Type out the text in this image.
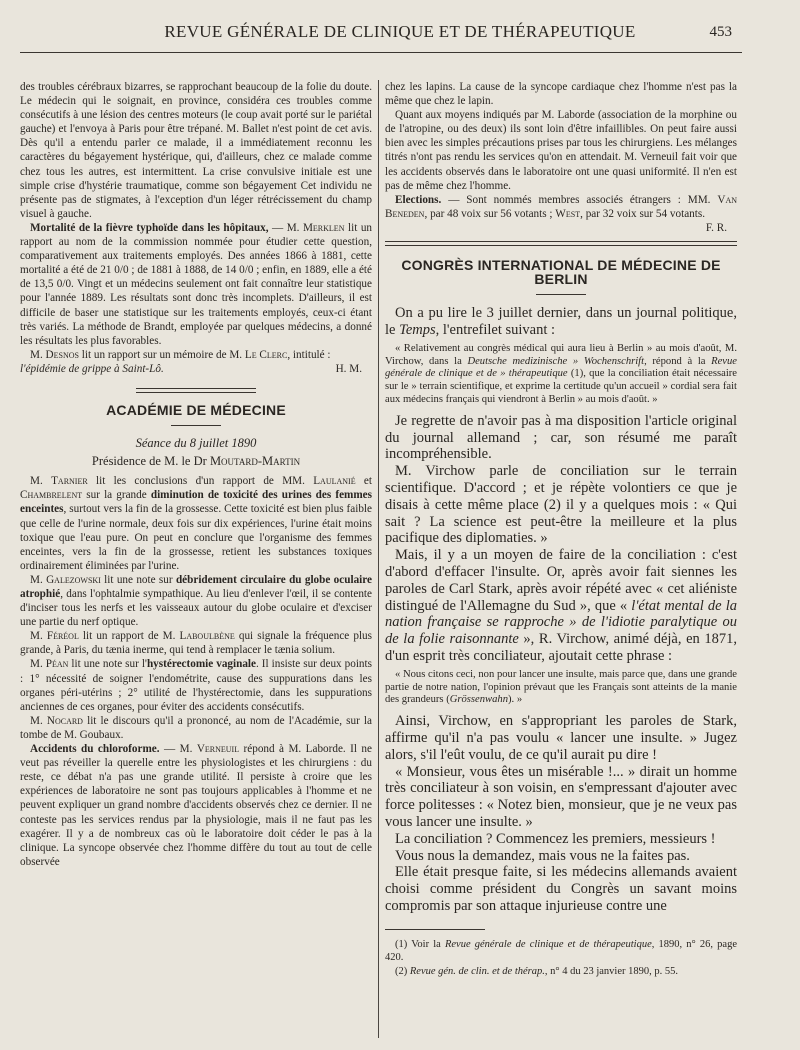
REVUE GÉNÉRALE DE CLINIQUE ET DE THÉRAPEUTIQUE	453

des troubles cérébraux bizarres, se rapprochant beaucoup de la folie du doute. Le médecin qui le soignait, en province, considéra ces troubles comme consécutifs à une lésion des centres moteurs (le coup avait porté sur le pariétal gauche) et l'envoya à Paris pour être trépané. M. Ballet n'est point de cet avis. Dès qu'il a entendu parler ce malade, il a immédiatement reconnu les caractères du bégayement hystérique, qui, d'ailleurs, chez ce malade comme chez tous les autres, est intermittent. La crise convulsive initiale est une simple crise d'hystérie traumatique, comme son bégayement Cet individu ne présente pas de stigmates, à l'exception d'un léger rétrécissement du champ visuel à gauche.

Mortalité de la fièvre typhoïde dans les hôpitaux, — M. Merklen lit un rapport au nom de la commission nommée pour étudier cette question, comparativement aux traitements employés. Des années 1866 à 1881, cette mortalité a été de 21 0/0 ; de 1881 à 1888, de 14 0/0 ; enfin, en 1889, elle a été de 13,5 0/0. Vingt et un médecins seulement ont fait connaître leur statistique pour l'année 1889. Les résultats sont donc très incomplets. D'ailleurs, il est difficile de baser une statistique sur les traitements employés, ceux-ci étant très variés. La méthode de Brandt, employée par quelques médecins, a donné les résultats les plus favorables.

M. Desnos lit un rapport sur un mémoire de M. Le Clerc, intitulé :

l'épidémie de grippe à Saint-Lô.	H. M.
ACADÉMIE DE MÉDECINE
Séance du 8 juillet 1890
Présidence de M. le Dr Moutard-Martin

M. Tarnier lit les conclusions d'un rapport de MM. Laulanié et Chambrelent sur la grande diminution de toxicité des urines des femmes enceintes, surtout vers la fin de la grossesse. Cette toxicité est bien plus faible que celle de l'urine normale, deux fois sur dix expériences, l'urine était moins toxique que l'eau pure. On peut en conclure que l'organisme des femmes enceintes, vers la fin de la grossesse, retient les substances toxiques ordinairement éliminées par l'urine.

M. Galezowski lit une note sur débridement circulaire du globe oculaire atrophié, dans l'ophtalmie sympathique. Au lieu d'enlever l'œil, il se contente d'inciser tous les nerfs et les vaisseaux autour du globe oculaire et d'exciser une partie du nerf optique.

M. Féréol lit un rapport de M. Laboulbène qui signale la fréquence plus grande, à Paris, du tænia inerme, qui tend à remplacer le tænia solium.

M. Péan lit une note sur l'hystérectomie vaginale. Il insiste sur deux points : 1° nécessité de soigner l'endométrite, cause des suppurations dans les organes péri-utérins ; 2° utilité de l'hystérectomie, dans les suppurations anciennes de ces organes, pour éviter des accidents consécutifs.

M. Nocard lit le discours qu'il a prononcé, au nom de l'Académie, sur la tombe de M. Goubaux.

Accidents du chloroforme. — M. Verneuil répond à M. Laborde. Il ne veut pas réveiller la querelle entre les physiologistes et les chirurgiens : du reste, ce débat n'a pas une grande utilité. Il persiste à croire que les expériences de laboratoire ne sont pas toujours applicables à l'homme et ne peuvent expliquer un grand nombre d'accidents observés chez ce dernier. Il ne conteste pas les services rendus par la physiologie, mais il ne faut pas les exagérer. Il y a de nombreux cas où le laboratoire doit céder le pas à la clinique. La syncope observée chez l'homme diffère du tout au tout de celle observée

chez les lapins. La cause de la syncope cardiaque chez l'homme n'est pas la même que chez le lapin.

Quant aux moyens indiqués par M. Laborde (association de la morphine ou de l'atropine, ou des deux) ils sont loin d'être infaillibles. On peut faire aussi bien avec les simples précautions prises par tous les chirurgiens. Les mélanges titrés n'ont pas rendu les services qu'on en attendait. M. Verneuil fait voir que les accidents observés dans le laboratoire ont une quasi uniformité. Il n'en est pas de même chez l'homme.

Elections. — Sont nommés membres associés étrangers : MM. Van Beneden, par 48 voix sur 56 votants ; West, par 32 voix sur 54 votants.

F. R.
CONGRÈS INTERNATIONAL DE MÉDECINE DE BERLIN

On a pu lire le 3 juillet dernier, dans un journal politique, le Temps, l'entrefilet suivant :

« Relativement au congrès médical qui aura lieu à Berlin » au mois d'août, M. Virchow, dans la Deutsche medizinische » Wochenschrift, répond à la Revue générale de clinique et de » thérapeutique (1), que la conciliation était nécessaire sur le » terrain scientifique, et exprime la certitude qu'un accueil » cordial sera fait aux médecins français qui viendront à Berlin » au mois d'août. »

Je regrette de n'avoir pas à ma disposition l'article original du journal allemand ; car, son résumé me paraît incompréhensible.

M. Virchow parle de conciliation sur le terrain scientifique. D'accord ; et je répète volontiers ce que je disais à cette même place (2) il y a quelques mois : « Qui sait ? La science est peut-être la meilleure et la plus pacifique des diplomaties. »

Mais, il y a un moyen de faire de la conciliation : c'est d'abord d'effacer l'insulte. Or, après avoir fait siennes les paroles de Carl Stark, après avoir répété avec « cet aliéniste distingué de l'Allemagne du Sud », que « l'état mental de la nation française se rapproche » de l'idiotie paralytique ou de la folie raisonnante », R. Virchow, animé déjà, en 1871, d'un esprit très conciliateur, ajoutait cette phrase :

« Nous citons ceci, non pour lancer une insulte, mais parce que, dans une grande partie de notre nation, l'opinion prévaut que les Français sont atteints de la manie des grandeurs (Grössenwahn). »

Ainsi, Virchow, en s'appropriant les paroles de Stark, affirme qu'il n'a pas voulu « lancer une insulte. » Jugez alors, s'il l'eût voulu, de ce qu'il aurait pu dire !

« Monsieur, vous êtes un misérable !... » dirait un homme très conciliateur à son voisin, en s'empressant d'ajouter avec force politesses : « Notez bien, monsieur, que je ne veux pas vous lancer une insulte. »

La conciliation ? Commencez les premiers, messieurs !

Vous nous la demandez, mais vous ne la faites pas.

Elle était presque faite, si les médecins allemands avaient choisi comme président du Congrès un savant moins compromis par son attaque injurieuse contre une

(1) Voir la Revue générale de clinique et de thérapeutique, 1890, n° 26, page 420.

(2) Revue gén. de clin. et de thérap., n° 4 du 23 janvier 1890, p. 55.
